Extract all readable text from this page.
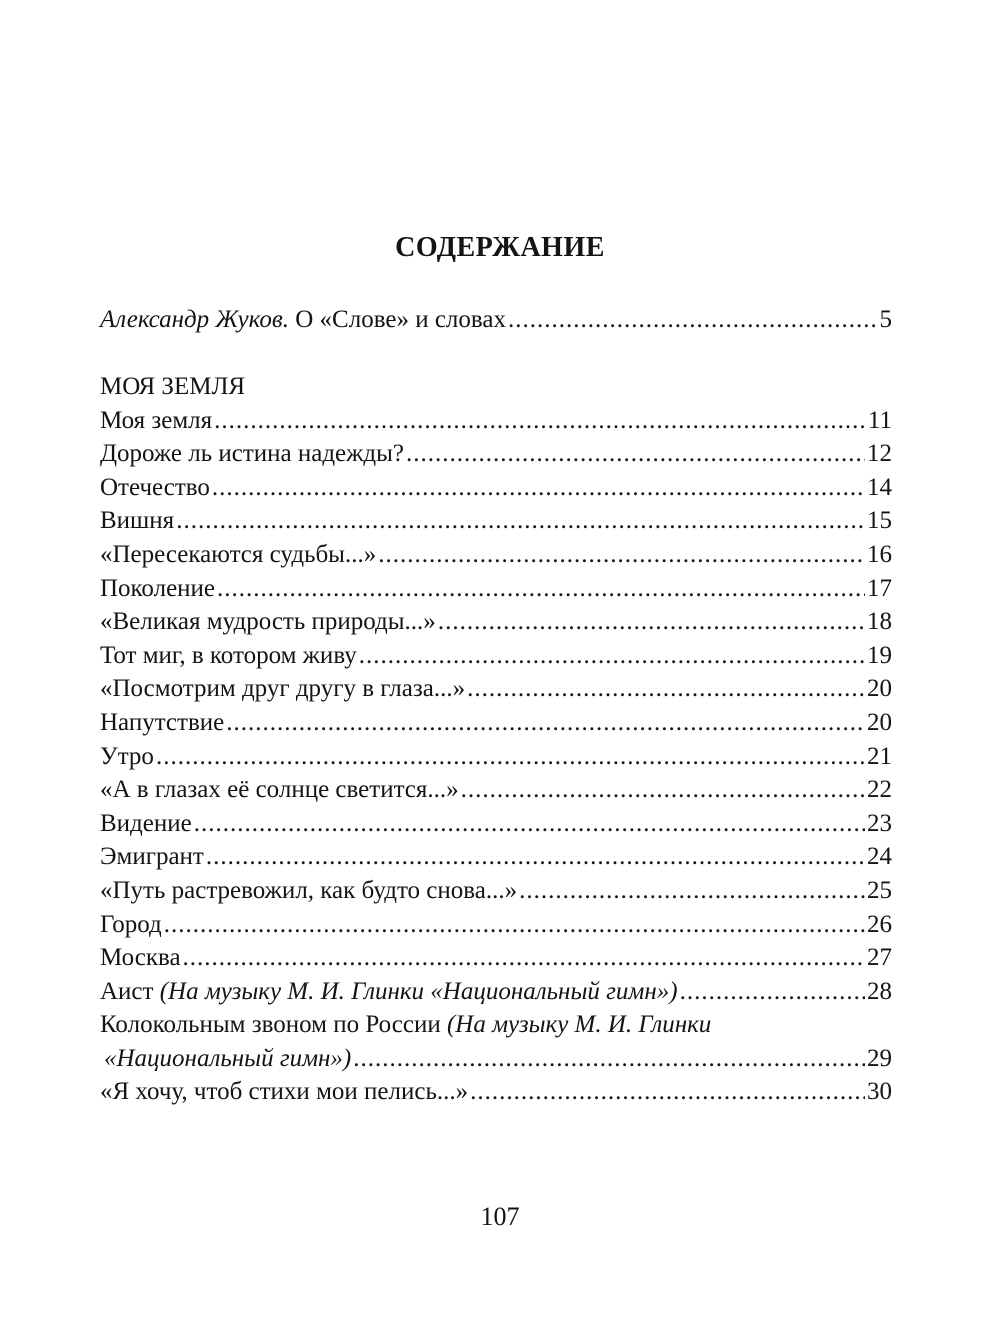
СОДЕРЖАНИЕ
Александр Жуков. О «Слове» и словах .....	5
МОЯ ЗЕМЛЯ
Моя земля .....	11
Дороже ль истина надежды? .....	12
Отечество .....	14
Вишня .....	15
«Пересекаются судьбы...» .....	16
Поколение .....	17
«Великая мудрость природы...» .....	18
Тот миг, в котором живу .....	19
«Посмотрим друг другу в глаза...» .....	20
Напутствие .....	20
Утро .....	21
«А в глазах её солнце светится...» .....	22
Видение .....	23
Эмигрант .....	24
«Путь растревожил, как будто снова...» .....	25
Город .....	26
Москва .....	27
Аист (На музыку М. И. Глинки «Национальный гимн») .....	28
Колокольным звоном по России (На музыку М. И. Глинки
«Национальный гимн») .....	29
«Я хочу, чтоб стихи мои пелись...» .....	30
107
